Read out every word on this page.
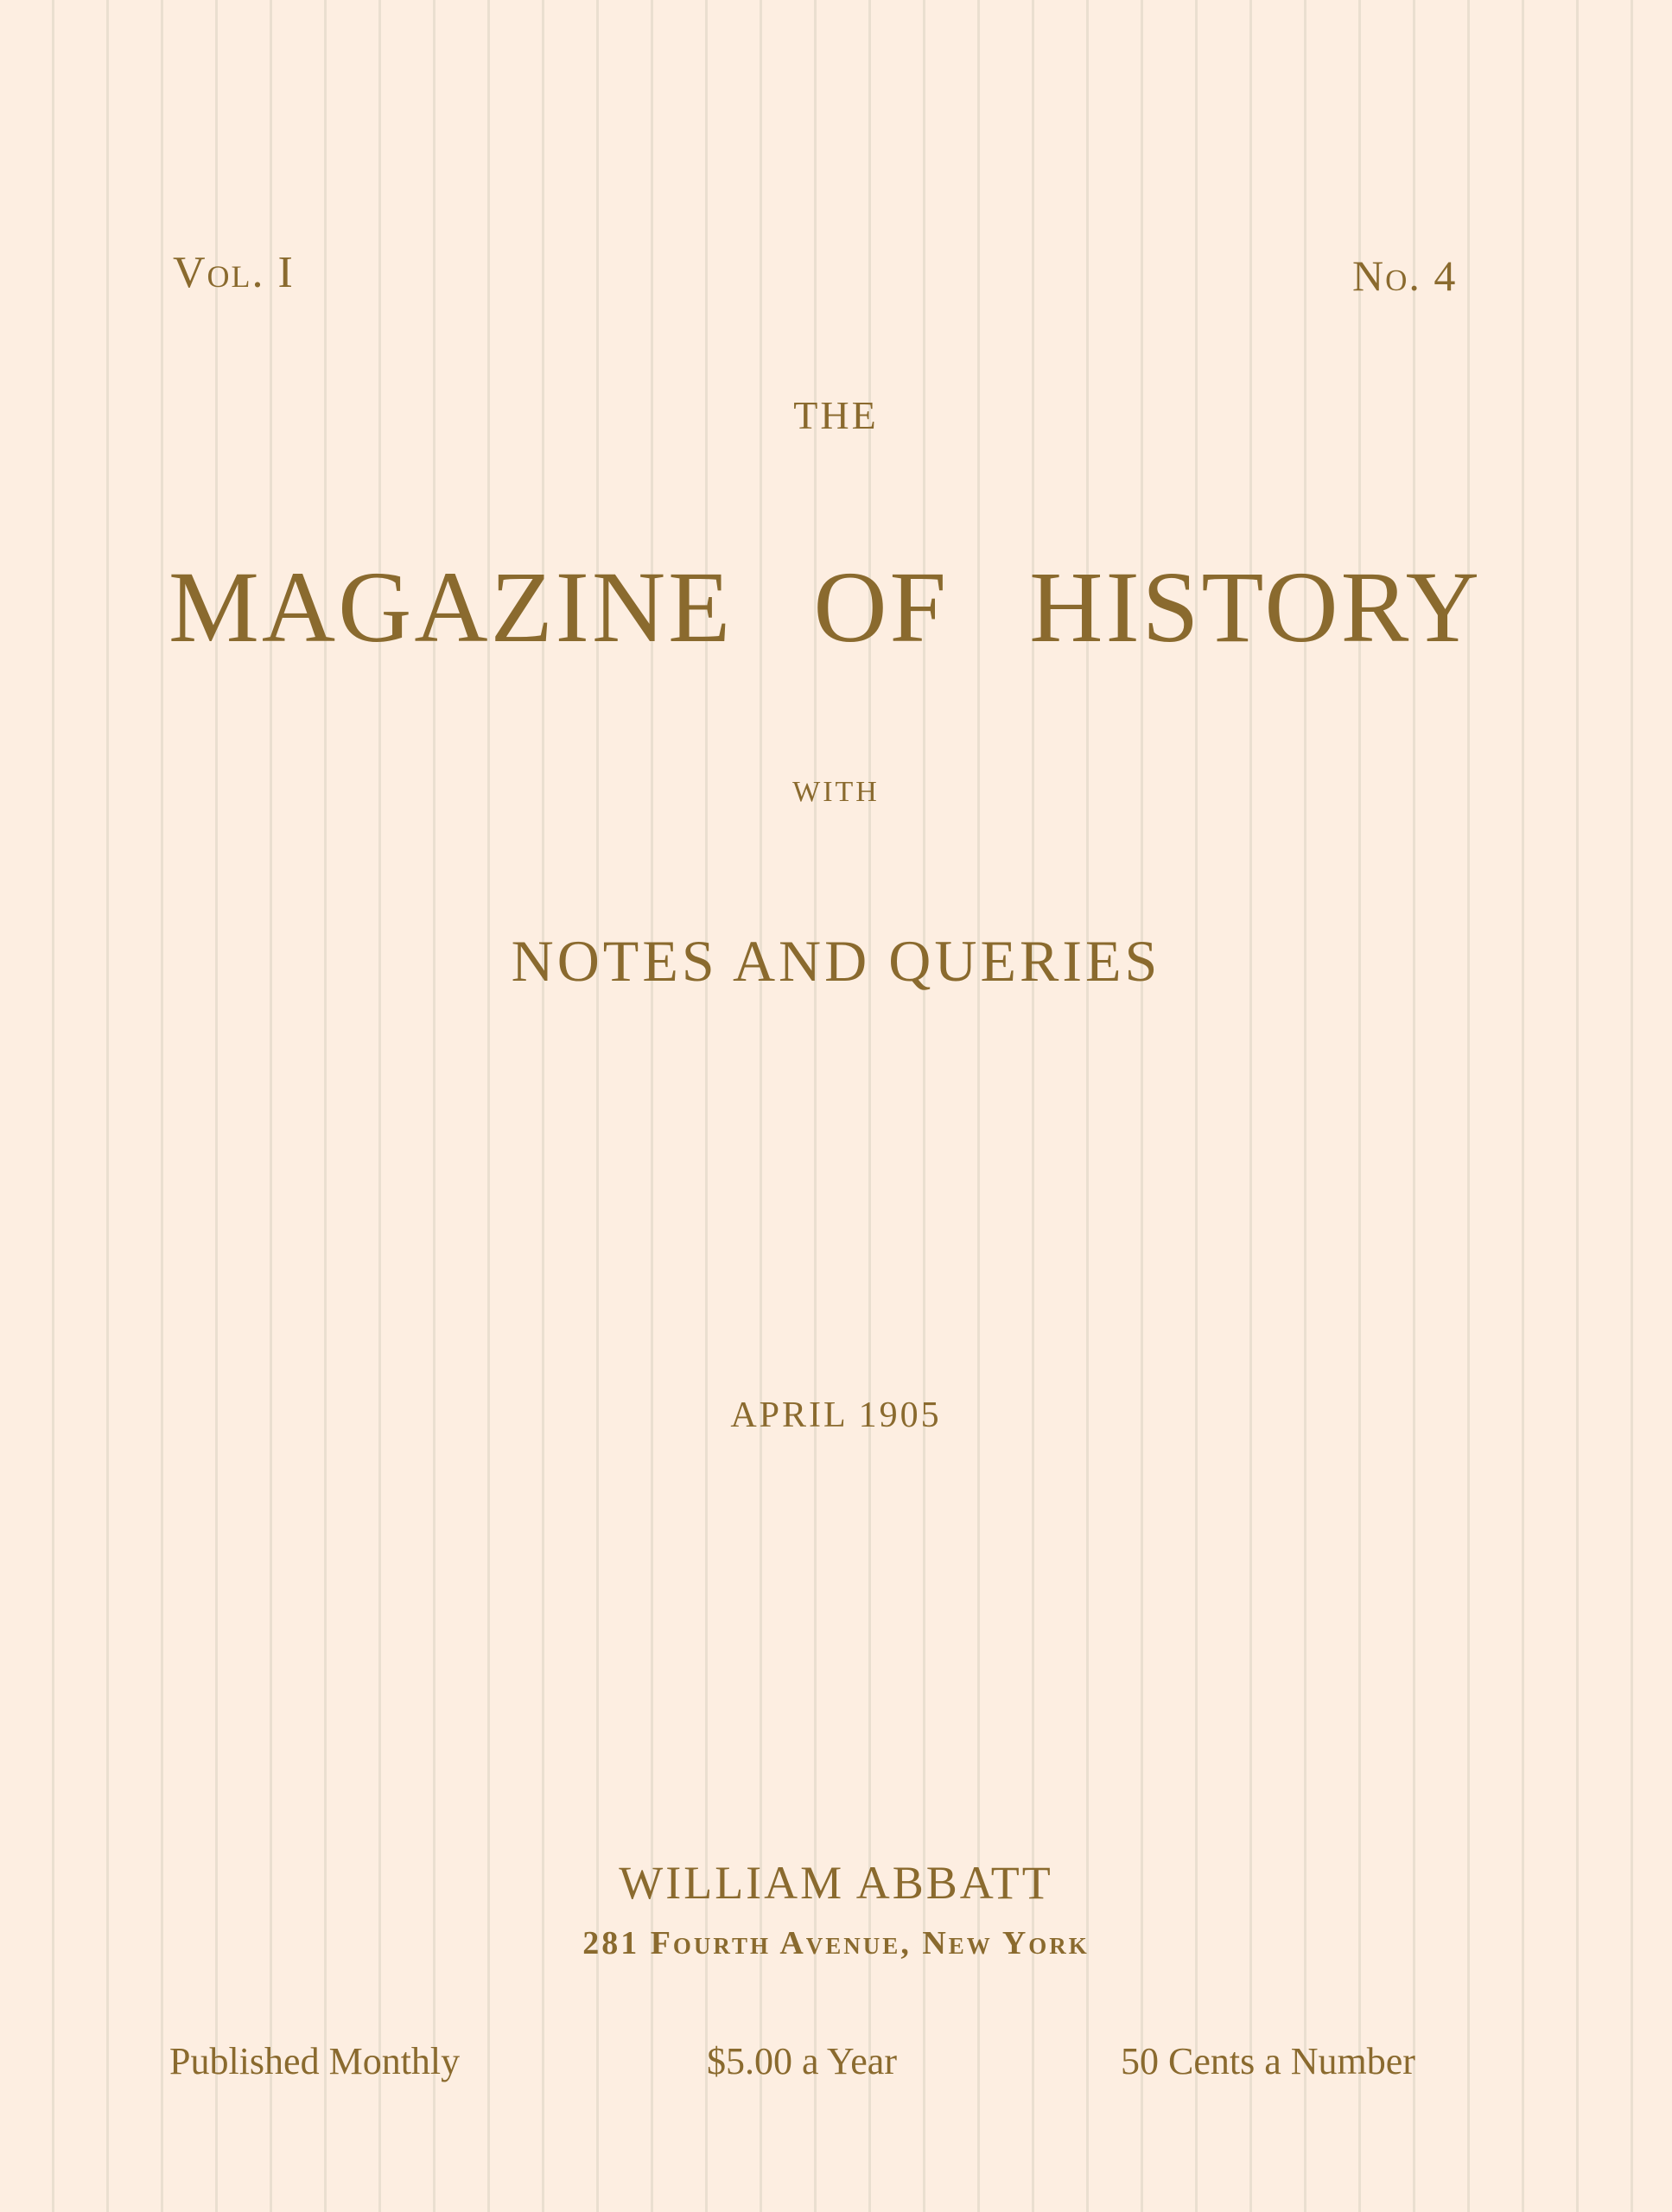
Vol. I	No. 4
THE
MAGAZINE OF HISTORY
WITH
NOTES AND QUERIES
APRIL 1905
WILLIAM ABBATT
281 Fourth Avenue, New York
Published Monthly	$5.00 a Year	50 Cents a Number
